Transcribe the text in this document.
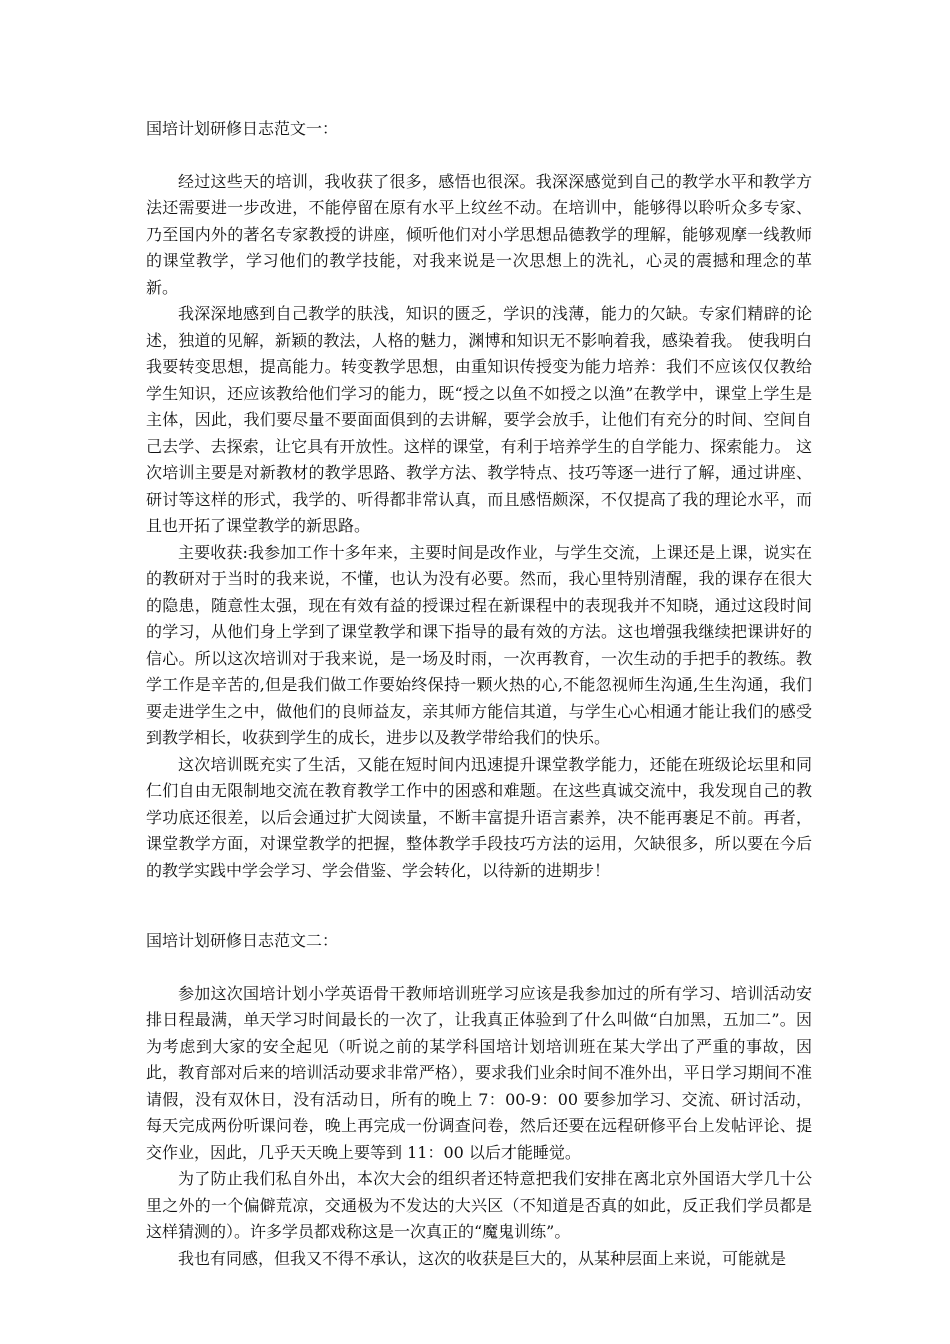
国培计划研修日志范文一：

经过这些天的培训，我收获了很多，感悟也很深。我深深感觉到自己的教学水平和教学方法还需要进一步改进，不能停留在原有水平上纹丝不动。在培训中，能够得以聆听众多专家、乃至国内外的著名专家教授的讲座，倾听他们对小学思想品德教学的理解，能够观摩一线教师的课堂教学，学习他们的教学技能，对我来说是一次思想上的洗礼，心灵的震撼和理念的革新。

我深深地感到自己教学的肤浅，知识的匮乏，学识的浅薄，能力的欠缺。专家们精辟的论述，独道的见解，新颖的教法，人格的魅力，渊博和知识无不影响着我，感染着我。 使我明白我要转变思想，提高能力。转变教学思想，由重知识传授变为能力培养：我们不应该仅仅教给学生知识，还应该教给他们学习的能力，既“授之以鱼不如授之以渔”在教学中，课堂上学生是主体，因此，我们要尽量不要面面俱到的去讲解，要学会放手，让他们有充分的时间、空间自己去学、去探索，让它具有开放性。这样的课堂，有利于培养学生的自学能力、探索能力。 这次培训主要是对新教材的教学思路、教学方法、教学特点、技巧等逐一进行了解，通过讲座、研讨等这样的形式，我学的、听得都非常认真，而且感悟颇深，不仅提高了我的理论水平，而且也开拓了课堂教学的新思路。

主要收获:我参加工作十多年来，主要时间是改作业，与学生交流，上课还是上课，说实在的教研对于当时的我来说，不懂，也认为没有必要。然而，我心里特别清醒，我的课存在很大的隐患，随意性太强，现在有效有益的授课过程在新课程中的表现我并不知晓，通过这段时间的学习，从他们身上学到了课堂教学和课下指导的最有效的方法。这也增强我继续把课讲好的信心。所以这次培训对于我来说，是一场及时雨，一次再教育，一次生动的手把手的教练。教学工作是辛苦的,但是我们做工作要始终保持一颗火热的心,不能忽视师生沟通,生生沟通，我们要走进学生之中，做他们的良师益友，亲其师方能信其道，与学生心心相通才能让我们的感受到教学相长，收获到学生的成长，进步以及教学带给我们的快乐。

这次培训既充实了生活，又能在短时间内迅速提升课堂教学能力，还能在班级论坛里和同仁们自由无限制地交流在教育教学工作中的困惑和难题。在这些真诚交流中，我发现自己的教学功底还很差，以后会通过扩大阅读量，不断丰富提升语言素养，决不能再裹足不前。再者，课堂教学方面，对课堂教学的把握，整体教学手段技巧方法的运用，欠缺很多，所以要在今后的教学实践中学会学习、学会借鉴、学会转化，以待新的进期步！

国培计划研修日志范文二：

参加这次国培计划小学英语骨干教师培训班学习应该是我参加过的所有学习、培训活动安排日程最满，单天学习时间最长的一次了，让我真正体验到了什么叫做“白加黑，五加二”。因为考虑到大家的安全起见（听说之前的某学科国培计划培训班在某大学出了严重的事故，因此，教育部对后来的培训活动要求非常严格），要求我们业余时间不准外出，平日学习期间不准请假，没有双休日，没有活动日，所有的晚上 7：00-9：00 要参加学习、交流、研讨活动，每天完成两份听课问卷，晚上再完成一份调查问卷，然后还要在远程研修平台上发帖评论、提交作业，因此，几乎天天晚上要等到 11：00 以后才能睡觉。

为了防止我们私自外出，本次大会的组织者还特意把我们安排在离北京外国语大学几十公里之外的一个偏僻荒凉，交通极为不发达的大兴区（不知道是否真的如此，反正我们学员都是这样猜测的）。许多学员都戏称这是一次真正的“魔鬼训练”。

我也有同感，但我又不得不承认，这次的收获是巨大的，从某种层面上来说，可能就是
